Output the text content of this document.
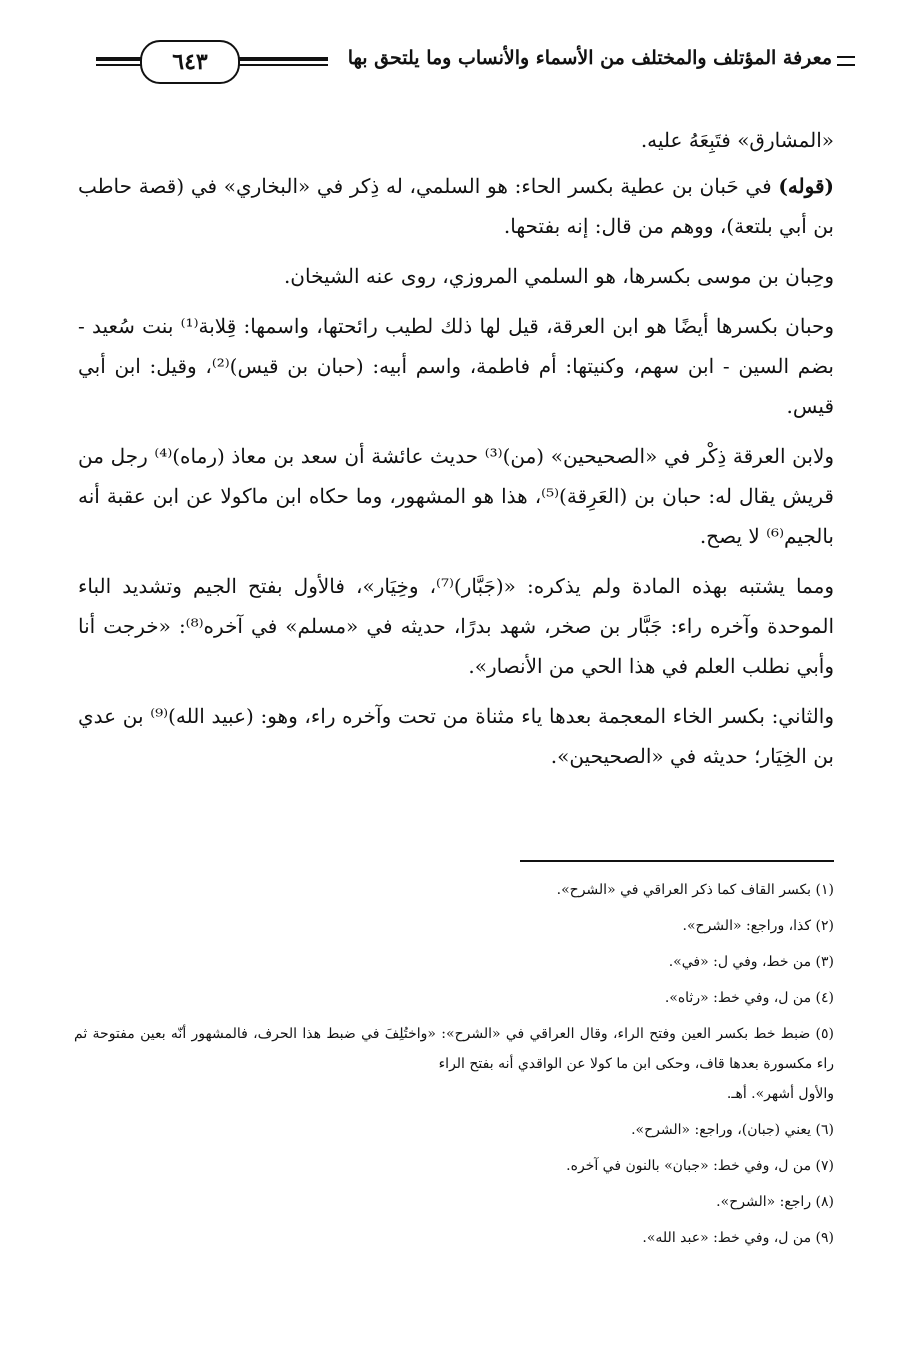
معرفة المؤتلف والمختلف من الأسماء والأنساب وما يلتحق بها
٦٤٣

«المشارق» فتَبِعَهُ عليه.

(قوله) في حَبان بن عطية بكسر الحاء: هو السلمي، له ذِكر في «البخاري» في (قصة حاطب بن أبي بلتعة)، ووهم من قال: إنه بفتحها.

وحِبان بن موسى بكسرها، هو السلمي المروزي، روى عنه الشيخان.

وحبان بكسرها أيضًا هو ابن العرقة، قيل لها ذلك لطيب رائحتها، واسمها: قِلابة⁽¹⁾ بنت سُعيد - بضم السين - ابن سهم، وكنيتها: أم فاطمة، واسم أبيه: (حبان بن قيس)⁽²⁾، وقيل: ابن أبي قيس.

ولابن العرقة ذِكْر في «الصحيحين» (من)⁽³⁾ حديث عائشة أن سعد بن معاذ (رماه)⁽⁴⁾ رجل من قريش يقال له: حبان بن (العَرِقة)⁽⁵⁾، هذا هو المشهور، وما حكاه ابن ماكولا عن ابن عقبة أنه بالجيم⁽⁶⁾ لا يصح.

ومما يشتبه بهذه المادة ولم يذكره: «(جَبَّار)⁽⁷⁾، وخِيَار»، فالأول بفتح الجيم وتشديد الباء الموحدة وآخره راء: جَبَّار بن صخر، شهد بدرًا، حديثه في «مسلم» في آخره⁽⁸⁾: «خرجت أنا وأبي نطلب العلم في هذا الحي من الأنصار».

والثاني: بكسر الخاء المعجمة بعدها ياء مثناة من تحت وآخره راء، وهو: (عبيد الله)⁽⁹⁾ بن عدي بن الخِيَار؛ حديثه في «الصحيحين».

(١) بكسر القاف كما ذكر العراقي في «الشرح».

(٢) كذا، وراجع: «الشرح».

(٣) من خط، وفي ل: «في».

(٤) من ل، وفي خط: «رثاه».

(٥) ضبط خط بكسر العين وفتح الراء، وقال العراقي في «الشرح»: «واختُلِفَ في ضبط هذا الحرف، فالمشهور أنّه بعين مفتوحة ثم راء مكسورة بعدها قاف، وحكى ابن ما كولا عن الواقدي أنه بفتح الراء

والأول أشهر». أهـ.

(٦) يعني (جبان)، وراجع: «الشرح».

(٧) من ل، وفي خط: «جبان» بالنون في آخره.

(٨) راجع: «الشرح».

(٩) من ل، وفي خط: «عبد الله».
